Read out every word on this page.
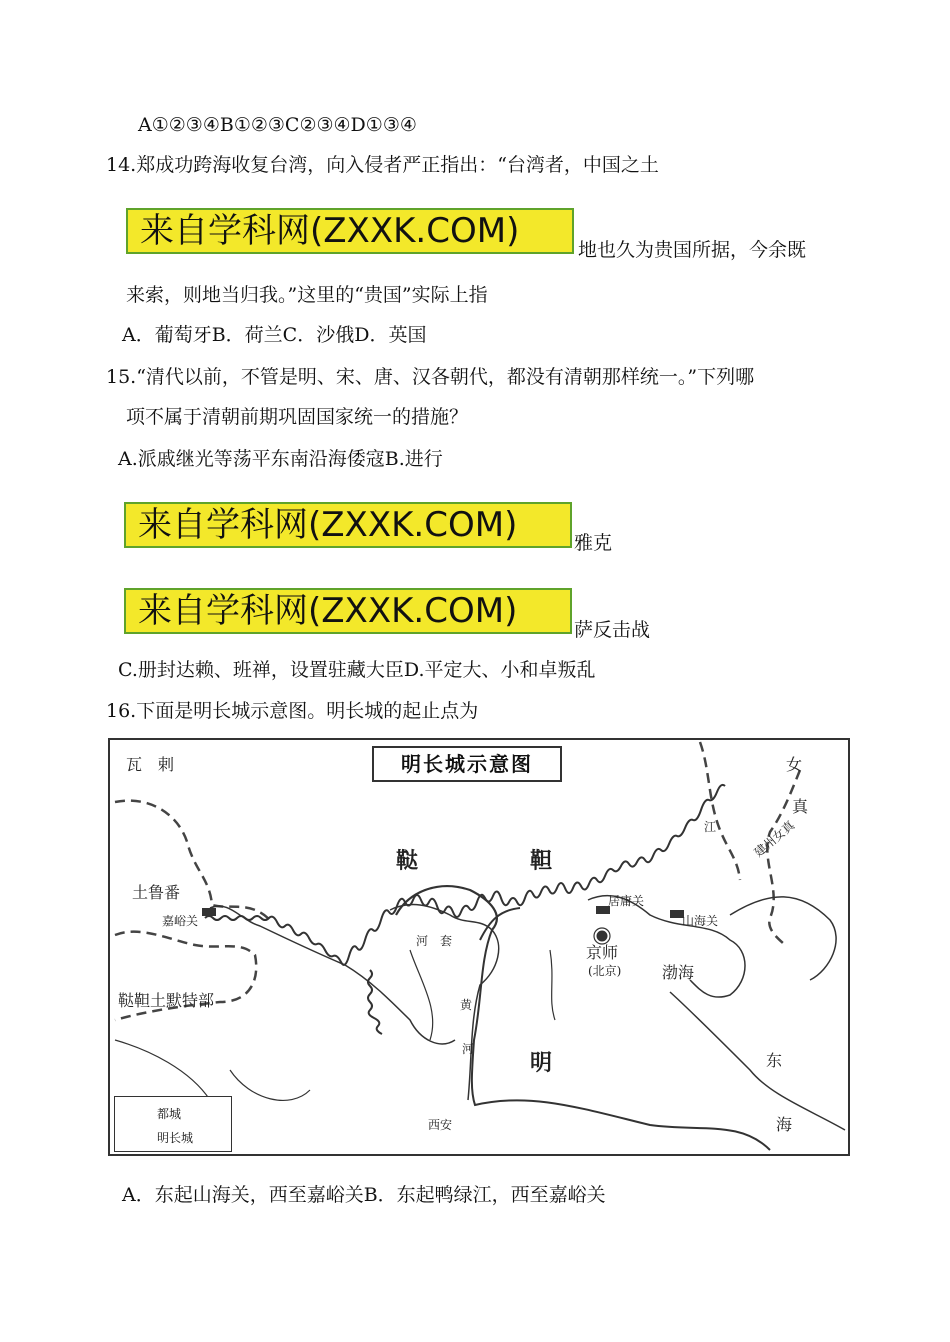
A①②③④B①②③C②③④D①③④
14.郑成功跨海收复台湾，向入侵者严正指出：“台湾者，中国之土
来自学科网(ZXXK.COM)	地也久为贵国所据，今余既
来索，则地当归我。”这里的“贵国”实际上指
A．葡萄牙B．荷兰C．沙俄D．英国
15.“清代以前，不管是明、宋、唐、汉各朝代，都没有清朝那样统一。”下列哪
项不属于清朝前期巩固国家统一的措施？
A.派戚继光等荡平东南沿海倭寇B.进行
来自学科网(ZXXK.COM)	雅克
来自学科网(ZXXK.COM)	萨反击战
C.册封达赖、班禅，设置驻藏大臣D.平定大、小和卓叛乱
16.下面是明长城示意图。明长城的起止点为
明长城示意图
瓦　剌	女
真
建州女真
江
土鲁番
嘉峪关
鞑	靼
河　套
居庸关
山海关
京师
(北京)	渤海
鞑靼土默特部
明
黄
河
东
海
西安
都城
明长城
A．东起山海关，西至嘉峪关B．东起鸭绿江，西至嘉峪关
